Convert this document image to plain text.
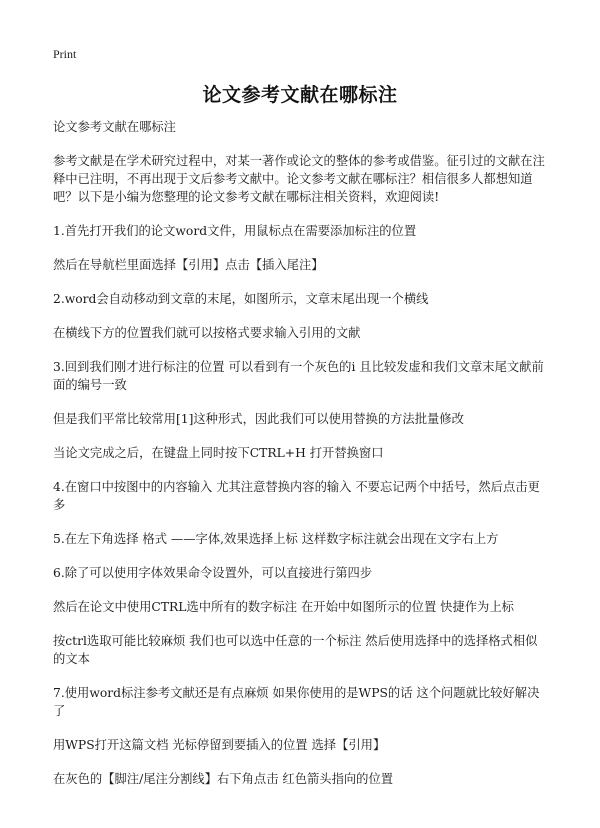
Print
论文参考文献在哪标注

论文参考文献在哪标注

参考文献是在学术研究过程中，对某一著作或论文的整体的参考或借鉴。征引过的文献在注释中已注明，不再出现于文后参考文献中。论文参考文献在哪标注？相信很多人都想知道吧？以下是小编为您整理的论文参考文献在哪标注相关资料，欢迎阅读!

1.首先打开我们的论文word文件，用鼠标点在需要添加标注的位置

然后在导航栏里面选择【引用】点击【插入尾注】

2.word会自动移动到文章的末尾，如图所示，文章末尾出现一个横线

在横线下方的位置我们就可以按格式要求输入引用的文献

3.回到我们刚才进行标注的位置 可以看到有一个灰色的i 且比较发虚和我们文章末尾文献前面的编号一致

但是我们平常比较常用[1]这种形式，因此我们可以使用替换的方法批量修改

当论文完成之后，在键盘上同时按下CTRL+H 打开替换窗口

4.在窗口中按图中的内容输入 尤其注意替换内容的输入 不要忘记两个中括号，然后点击更多

5.在左下角选择 格式 ——字体,效果选择上标 这样数字标注就会出现在文字右上方

6.除了可以使用字体效果命令设置外，可以直接进行第四步

然后在论文中使用CTRL选中所有的数字标注 在开始中如图所示的位置 快捷作为上标

按ctrl选取可能比较麻烦 我们也可以选中任意的一个标注 然后使用选择中的选择格式相似的文本

7.使用word标注参考文献还是有点麻烦 如果你使用的是WPS的话 这个问题就比较好解决了

用WPS打开这篇文档 光标停留到要插入的位置 选择【引用】

在灰色的【脚注/尾注分割线】右下角点击 红色箭头指向的位置
